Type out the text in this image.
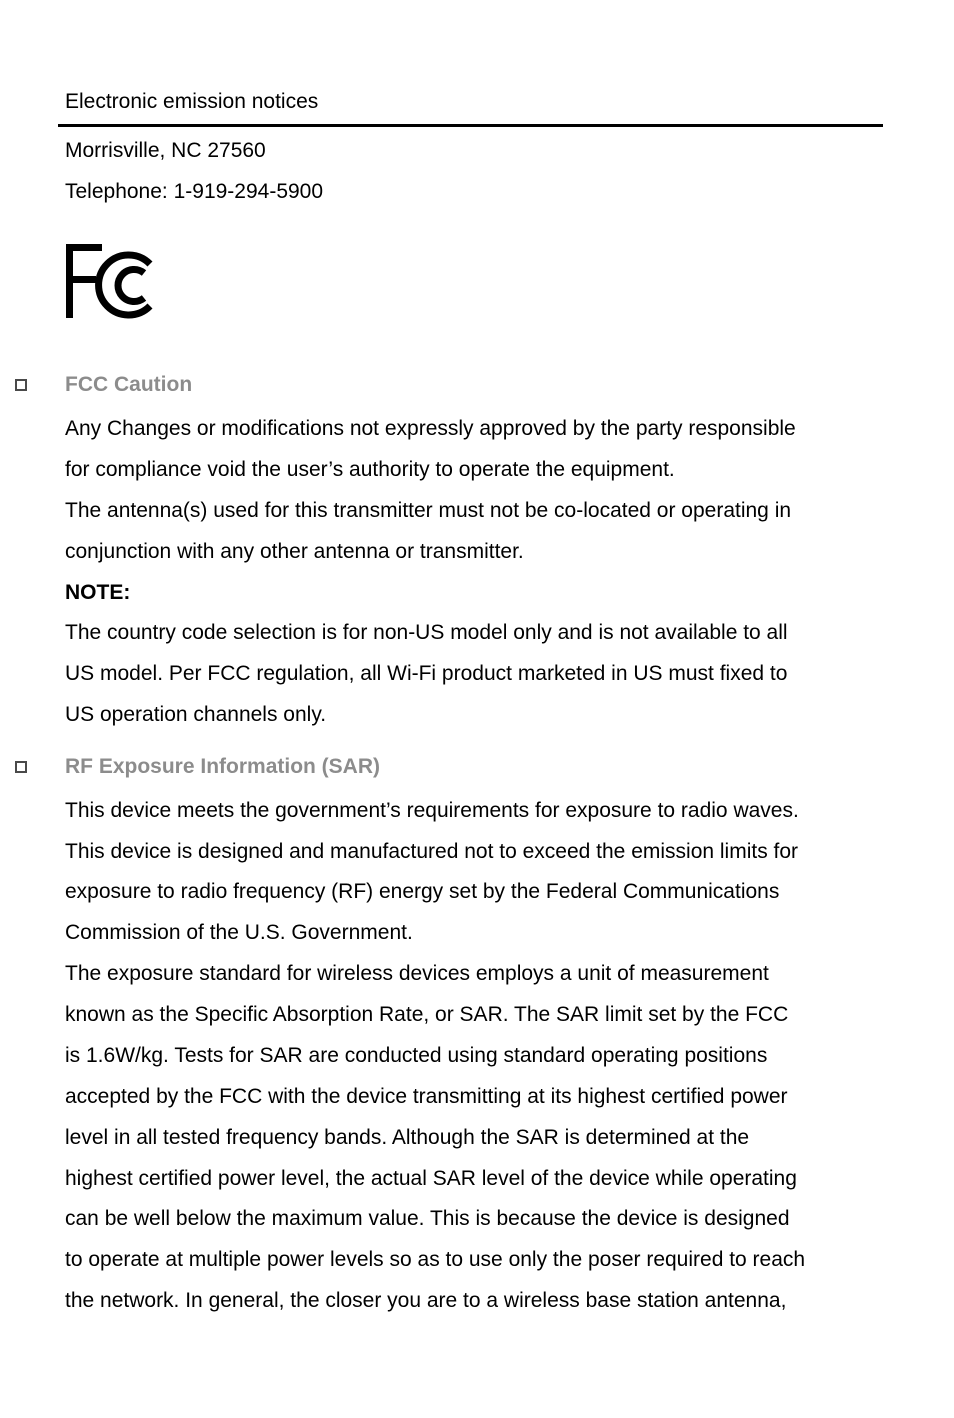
Electronic emission notices
Morrisville, NC 27560
Telephone: 1-919-294-5900
FCC Caution
Any Changes or modifications not expressly approved by the party responsible
for compliance void the user’s authority to operate the equipment.
The antenna(s) used for this transmitter must not be co-located or operating in
conjunction with any other antenna or transmitter.
NOTE:
The country code selection is for non-US model only and is not available to all
US model. Per FCC regulation, all Wi-Fi product marketed in US must fixed to
US operation channels only.
RF Exposure Information (SAR)
This device meets the government’s requirements for exposure to radio waves.
This device is designed and manufactured not to exceed the emission limits for
exposure to radio frequency (RF) energy set by the Federal Communications
Commission of the U.S. Government.
The exposure standard for wireless devices employs a unit of measurement
known as the Specific Absorption Rate, or SAR. The SAR limit set by the FCC
is 1.6W/kg. Tests for SAR are conducted using standard operating positions
accepted by the FCC with the device transmitting at its highest certified power
level in all tested frequency bands. Although the SAR is determined at the
highest certified power level, the actual SAR level of the device while operating
can be well below the maximum value. This is because the device is designed
to operate at multiple power levels so as to use only the poser required to reach
the network. In general, the closer you are to a wireless base station antenna,
